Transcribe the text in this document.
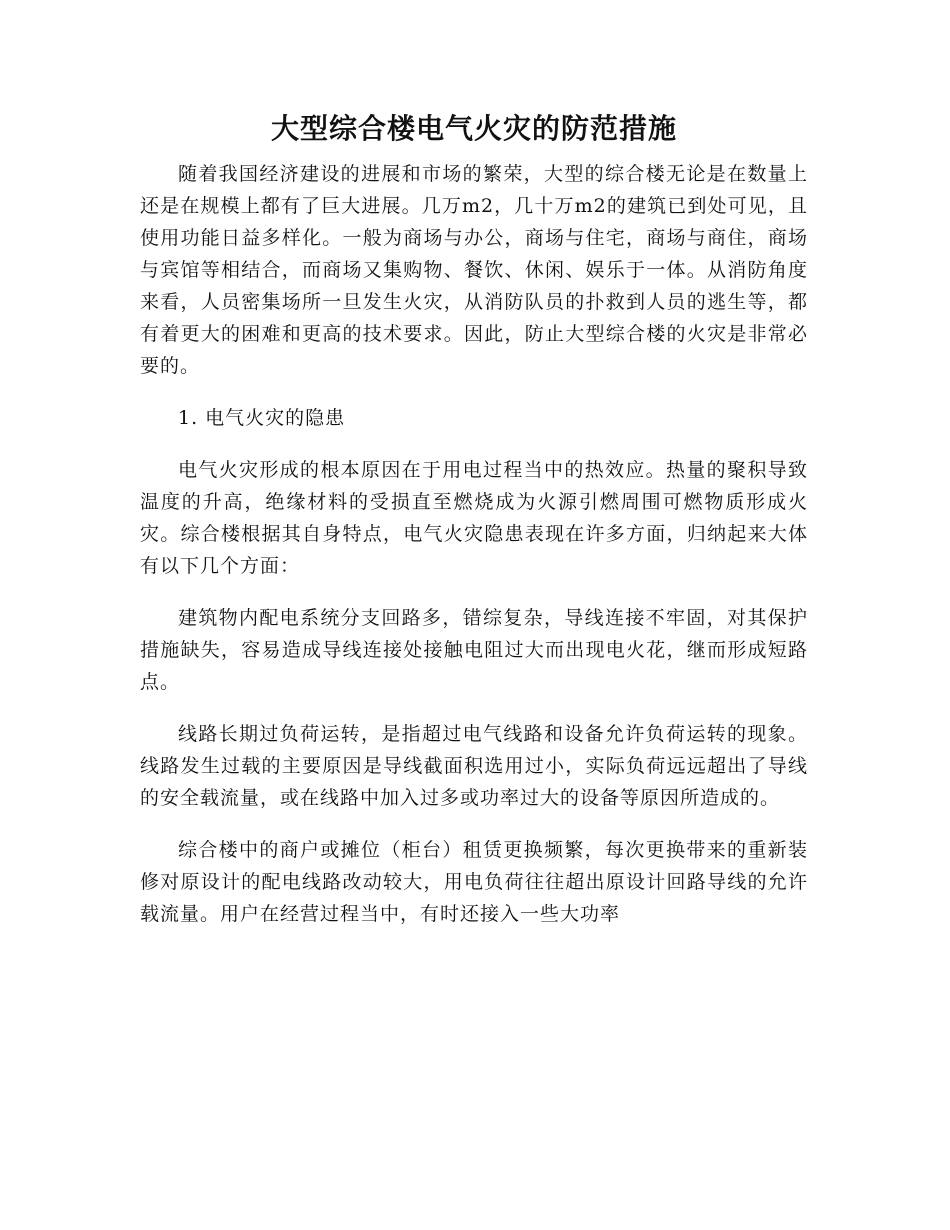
大型综合楼电气火灾的防范措施

随着我国经济建设的进展和市场的繁荣，大型的综合楼无论是在数量上还是在规模上都有了巨大进展。几万m2，几十万m2的建筑已到处可见，且使用功能日益多样化。一般为商场与办公，商场与住宅，商场与商住，商场与宾馆等相结合，而商场又集购物、餐饮、休闲、娱乐于一体。从消防角度来看，人员密集场所一旦发生火灾，从消防队员的扑救到人员的逃生等，都有着更大的困难和更高的技术要求。因此，防止大型综合楼的火灾是非常必要的。

1. 电气火灾的隐患

电气火灾形成的根本原因在于用电过程当中的热效应。热量的聚积导致温度的升高，绝缘材料的受损直至燃烧成为火源引燃周围可燃物质形成火灾。综合楼根据其自身特点，电气火灾隐患表现在许多方面，归纳起来大体有以下几个方面：

建筑物内配电系统分支回路多，错综复杂，导线连接不牢固，对其保护措施缺失，容易造成导线连接处接触电阻过大而出现电火花，继而形成短路点。

线路长期过负荷运转，是指超过电气线路和设备允许负荷运转的现象。线路发生过载的主要原因是导线截面积选用过小，实际负荷远远超出了导线的安全载流量，或在线路中加入过多或功率过大的设备等原因所造成的。

综合楼中的商户或摊位（柜台）租赁更换频繁，每次更换带来的重新装修对原设计的配电线路改动较大，用电负荷往往超出原设计回路导线的允许载流量。用户在经营过程当中，有时还接入一些大功率
